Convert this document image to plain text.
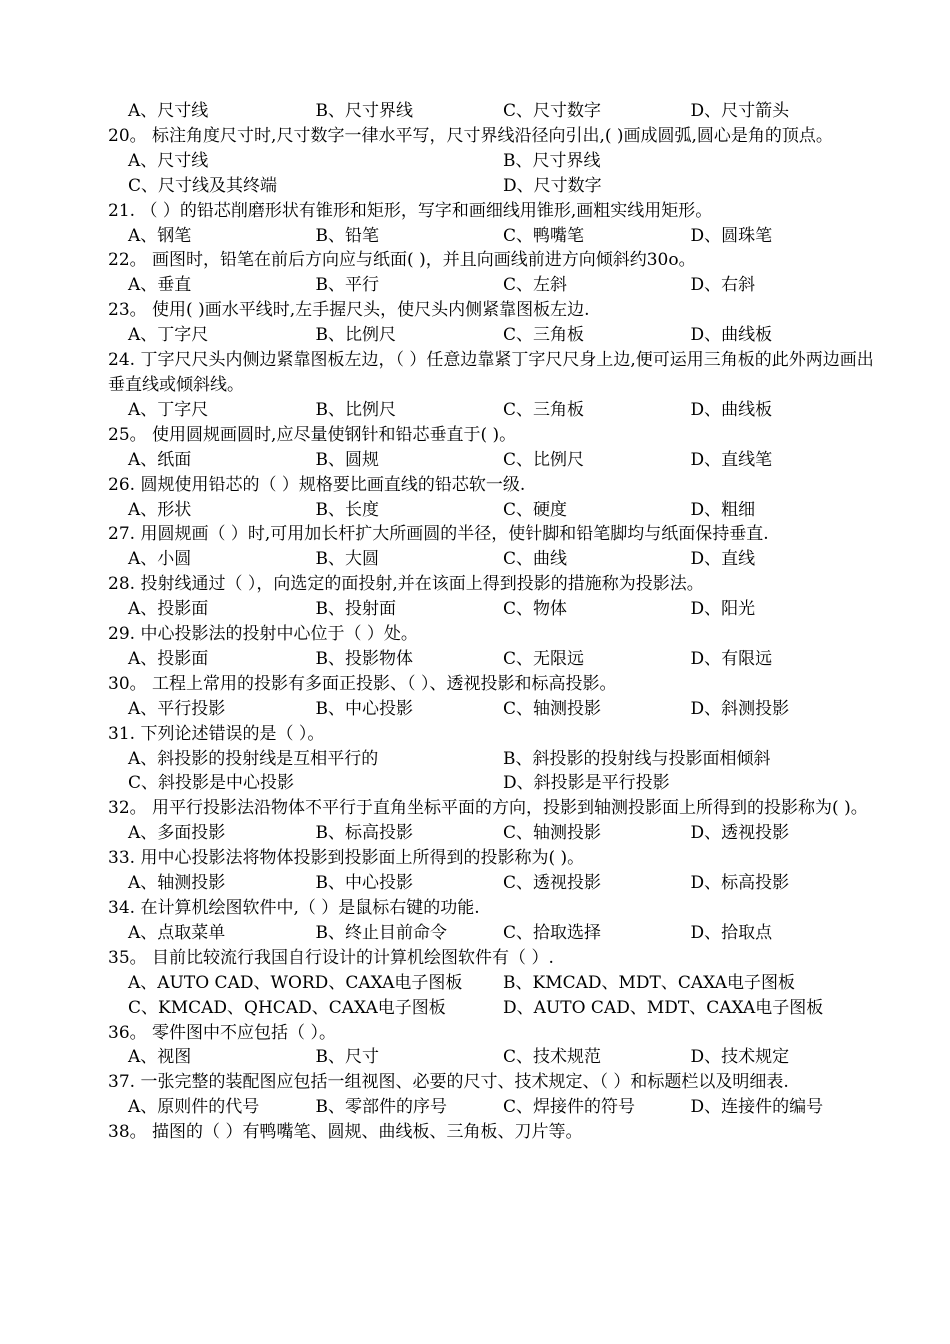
A、尺寸线	B、尺寸界线	C、尺寸数字	D、尺寸箭头
20。 标注角度尺寸时,尺寸数字一律水平写，尺寸界线沿径向引出,( )画成圆弧,圆心是角的顶点。
A、尺寸线	B、尺寸界线
C、尺寸线及其终端	D、尺寸数字
21. （ ）的铅芯削磨形状有锥形和矩形，写字和画细线用锥形,画粗实线用矩形。
A、钢笔	B、铅笔	C、鸭嘴笔	D、圆珠笔
22。 画图时，铅笔在前后方向应与纸面( )，并且向画线前进方向倾斜约30o。
A、垂直	B、平行	C、左斜	D、右斜
23。 使用( )画水平线时,左手握尺头，使尺头内侧紧靠图板左边.
A、丁字尺	B、比例尺	C、三角板	D、曲线板
24. 丁字尺尺头内侧边紧靠图板左边，（ ）任意边靠紧丁字尺尺身上边,便可运用三角板的此外两边画出垂直线或倾斜线。
A、丁字尺	B、比例尺	C、三角板	D、曲线板
25。 使用圆规画圆时,应尽量使钢针和铅芯垂直于( )。
A、纸面	B、圆规	C、比例尺	D、直线笔
26. 圆规使用铅芯的（ ）规格要比画直线的铅芯软一级.
A、形状	B、长度	C、硬度	D、粗细
27. 用圆规画（ ）时,可用加长杆扩大所画圆的半径，使针脚和铅笔脚均与纸面保持垂直.
A、小圆	B、大圆	C、曲线	D、直线
28. 投射线通过（ ），向选定的面投射,并在该面上得到投影的措施称为投影法。
A、投影面	B、投射面	C、物体	D、阳光
29. 中心投影法的投射中心位于（ ）处。
A、投影面	B、投影物体	C、无限远	D、有限远
30。 工程上常用的投影有多面正投影、（ ）、透视投影和标高投影。
A、平行投影	B、中心投影	C、轴测投影	D、斜测投影
31. 下列论述错误的是（ ）。
A、斜投影的投射线是互相平行的	B、斜投影的投射线与投影面相倾斜
C、斜投影是中心投影	D、斜投影是平行投影
32。 用平行投影法沿物体不平行于直角坐标平面的方向，投影到轴测投影面上所得到的投影称为( )。
A、多面投影	B、标高投影	C、轴测投影	D、透视投影
33. 用中心投影法将物体投影到投影面上所得到的投影称为( )。
A、轴测投影	B、中心投影	C、透视投影	D、标高投影
34. 在计算机绘图软件中,（ ）是鼠标右键的功能.
A、点取菜单	B、终止目前命令	C、拾取选择	D、拾取点
35。 目前比较流行我国自行设计的计算机绘图软件有（ ）.
A、AUTO CAD、WORD、CAXA电子图板	B、KMCAD、MDT、CAXA电子图板
C、KMCAD、QHCAD、CAXA电子图板	D、AUTO CAD、MDT、CAXA电子图板
36。 零件图中不应包括（ ）。
A、视图	B、尺寸	C、技术规范	D、技术规定
37. 一张完整的装配图应包括一组视图、必要的尺寸、技术规定、（ ）和标题栏以及明细表.
A、原则件的代号	B、零部件的序号	C、焊接件的符号	D、连接件的编号
38。 描图的（ ）有鸭嘴笔、圆规、曲线板、三角板、刀片等。
